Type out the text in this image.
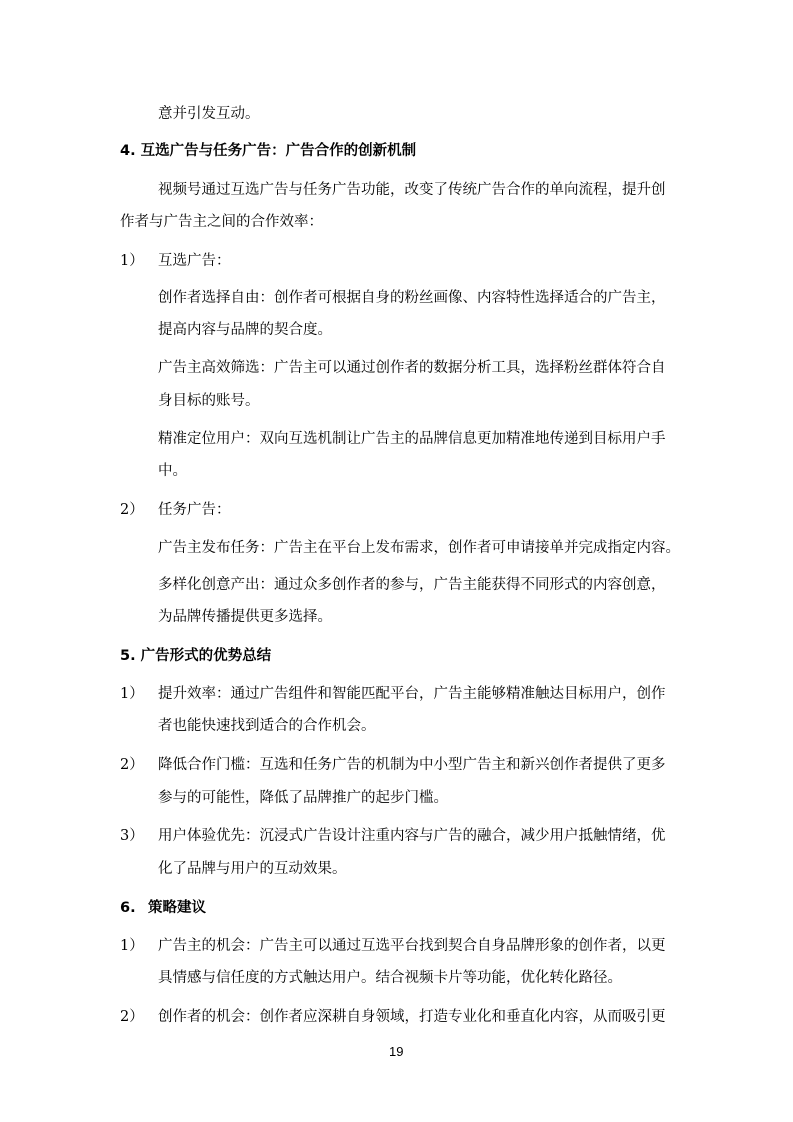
意并引发互动。
4. 互选广告与任务广告：广告合作的创新机制
视频号通过互选广告与任务广告功能，改变了传统广告合作的单向流程，提升创
作者与广告主之间的合作效率：
1） 互选广告：
创作者选择自由：创作者可根据自身的粉丝画像、内容特性选择适合的广告主，
提高内容与品牌的契合度。
广告主高效筛选：广告主可以通过创作者的数据分析工具，选择粉丝群体符合自
身目标的账号。
精准定位用户：双向互选机制让广告主的品牌信息更加精准地传递到目标用户手
中。
2） 任务广告：
广告主发布任务：广告主在平台上发布需求，创作者可申请接单并完成指定内容。
多样化创意产出：通过众多创作者的参与，广告主能获得不同形式的内容创意，
为品牌传播提供更多选择。
5. 广告形式的优势总结
1） 提升效率：通过广告组件和智能匹配平台，广告主能够精准触达目标用户，创作
者也能快速找到适合的合作机会。
2） 降低合作门槛：互选和任务广告的机制为中小型广告主和新兴创作者提供了更多
参与的可能性，降低了品牌推广的起步门槛。
3） 用户体验优先：沉浸式广告设计注重内容与广告的融合，减少用户抵触情绪，优
化了品牌与用户的互动效果。
6. 策略建议
1） 广告主的机会：广告主可以通过互选平台找到契合自身品牌形象的创作者，以更
具情感与信任度的方式触达用户。结合视频卡片等功能，优化转化路径。
2） 创作者的机会：创作者应深耕自身领域，打造专业化和垂直化内容，从而吸引更
19
